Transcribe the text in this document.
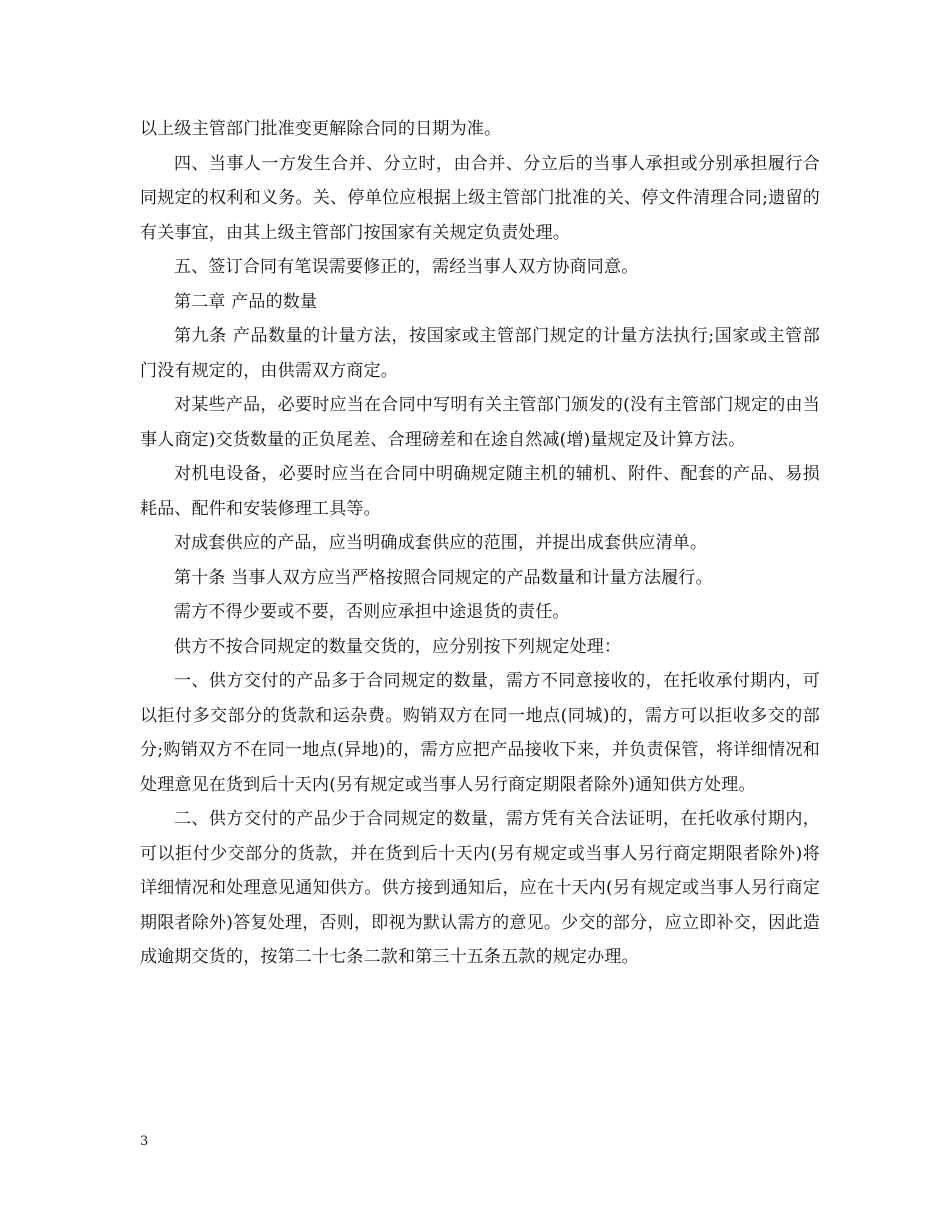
以上级主管部门批准变更解除合同的日期为准。

四、当事人一方发生合并、分立时，由合并、分立后的当事人承担或分别承担履行合同规定的权利和义务。关、停单位应根据上级主管部门批准的关、停文件清理合同;遗留的有关事宜，由其上级主管部门按国家有关规定负责处理。

五、签订合同有笔误需要修正的，需经当事人双方协商同意。

第二章 产品的数量

第九条 产品数量的计量方法，按国家或主管部门规定的计量方法执行;国家或主管部门没有规定的，由供需双方商定。

对某些产品，必要时应当在合同中写明有关主管部门颁发的(没有主管部门规定的由当事人商定)交货数量的正负尾差、合理磅差和在途自然减(增)量规定及计算方法。

对机电设备，必要时应当在合同中明确规定随主机的辅机、附件、配套的产品、易损耗品、配件和安装修理工具等。

对成套供应的产品，应当明确成套供应的范围，并提出成套供应清单。

第十条 当事人双方应当严格按照合同规定的产品数量和计量方法履行。

需方不得少要或不要，否则应承担中途退货的责任。

供方不按合同规定的数量交货的，应分别按下列规定处理：

一、供方交付的产品多于合同规定的数量，需方不同意接收的，在托收承付期内，可以拒付多交部分的货款和运杂费。购销双方在同一地点(同城)的，需方可以拒收多交的部分;购销双方不在同一地点(异地)的，需方应把产品接收下来，并负责保管，将详细情况和处理意见在货到后十天内(另有规定或当事人另行商定期限者除外)通知供方处理。

二、供方交付的产品少于合同规定的数量，需方凭有关合法证明，在托收承付期内，可以拒付少交部分的货款，并在货到后十天内(另有规定或当事人另行商定期限者除外)将详细情况和处理意见通知供方。供方接到通知后，应在十天内(另有规定或当事人另行商定期限者除外)答复处理，否则，即视为默认需方的意见。少交的部分，应立即补交，因此造成逾期交货的，按第二十七条二款和第三十五条五款的规定办理。

3
